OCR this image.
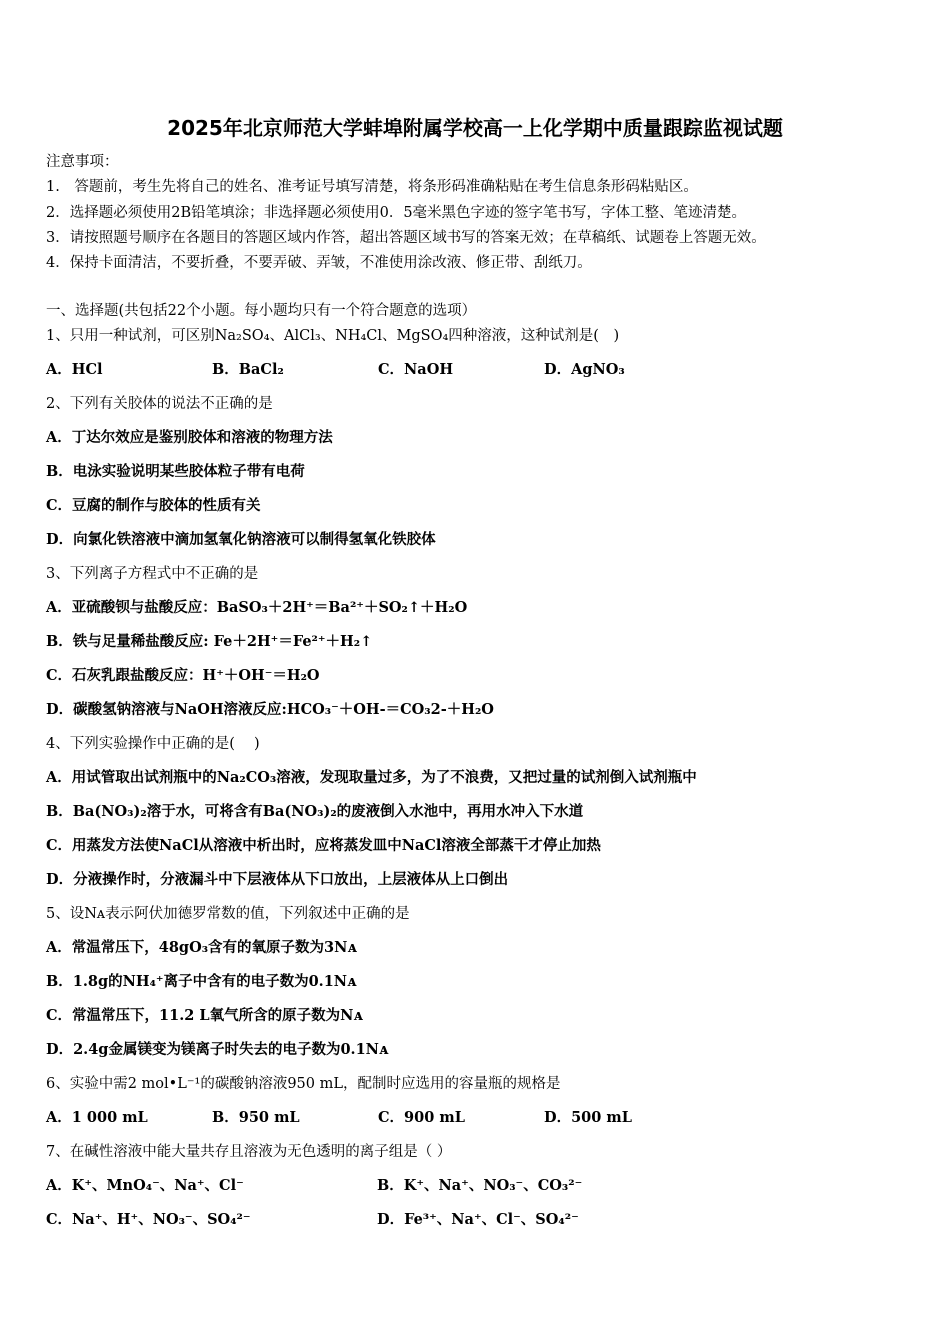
2025年北京师范大学蚌埠附属学校高一上化学期中质量跟踪监视试题
注意事项：
1.　答题前，考生先将自己的姓名、准考证号填写清楚，将条形码准确粘贴在考生信息条形码粘贴区。
2．选择题必须使用2B铅笔填涂；非选择题必须使用0．5毫米黑色字迹的签字笔书写，字体工整、笔迹清楚。
3．请按照题号顺序在各题目的答题区域内作答，超出答题区域书写的答案无效；在草稿纸、试题卷上答题无效。
4．保持卡面清洁，不要折叠，不要弄破、弄皱，不准使用涂改液、修正带、刮纸刀。
一、选择题(共包括22个小题。每小题均只有一个符合题意的选项）
1、只用一种试剂，可区别Na₂SO₄、AlCl₃、NH₄Cl、MgSO₄四种溶液，这种试剂是(　)
A．HCl	B．BaCl₂	C．NaOH	D．AgNO₃
2、下列有关胶体的说法不正确的是
A．丁达尔效应是鉴别胶体和溶液的物理方法
B．电泳实验说明某些胶体粒子带有电荷
C．豆腐的制作与胶体的性质有关
D．向氯化铁溶液中滴加氢氧化钠溶液可以制得氢氧化铁胶体
3、下列离子方程式中不正确的是
A．亚硫酸钡与盐酸反应：BaSO₃＋2H⁺＝Ba²⁺＋SO₂↑＋H₂O
B．铁与足量稀盐酸反应: Fe＋2H⁺＝Fe²⁺＋H₂↑
C．石灰乳跟盐酸反应：H⁺＋OH⁻＝H₂O
D．碳酸氢钠溶液与NaOH溶液反应:HCO₃⁻＋OH-＝CO₃2-＋H₂O
4、下列实验操作中正确的是(　 )
A．用试管取出试剂瓶中的Na₂CO₃溶液，发现取量过多，为了不浪费，又把过量的试剂倒入试剂瓶中
B．Ba(NO₃)₂溶于水，可将含有Ba(NO₃)₂的废液倒入水池中，再用水冲入下水道
C．用蒸发方法使NaCl从溶液中析出时，应将蒸发皿中NaCl溶液全部蒸干才停止加热
D．分液操作时，分液漏斗中下层液体从下口放出，上层液体从上口倒出
5、设Nᴀ表示阿伏加德罗常数的值，下列叙述中正确的是
A．常温常压下，48gO₃含有的氧原子数为3Nᴀ
B．1.8g的NH₄⁺离子中含有的电子数为0.1Nᴀ
C．常温常压下，11.2 L氧气所含的原子数为Nᴀ
D．2.4g金属镁变为镁离子时失去的电子数为0.1Nᴀ
6、实验中需2 mol•L⁻¹的碳酸钠溶液950 mL，配制时应选用的容量瓶的规格是
A．1 000 mL	B．950 mL	C．900 mL	D．500 mL
7、在碱性溶液中能大量共存且溶液为无色透明的离子组是（ ）
A．K⁺、MnO₄⁻、Na⁺、Cl⁻	B．K⁺、Na⁺、NO₃⁻、CO₃²⁻
C．Na⁺、H⁺、NO₃⁻、SO₄²⁻	D．Fe³⁺、Na⁺、Cl⁻、SO₄²⁻
